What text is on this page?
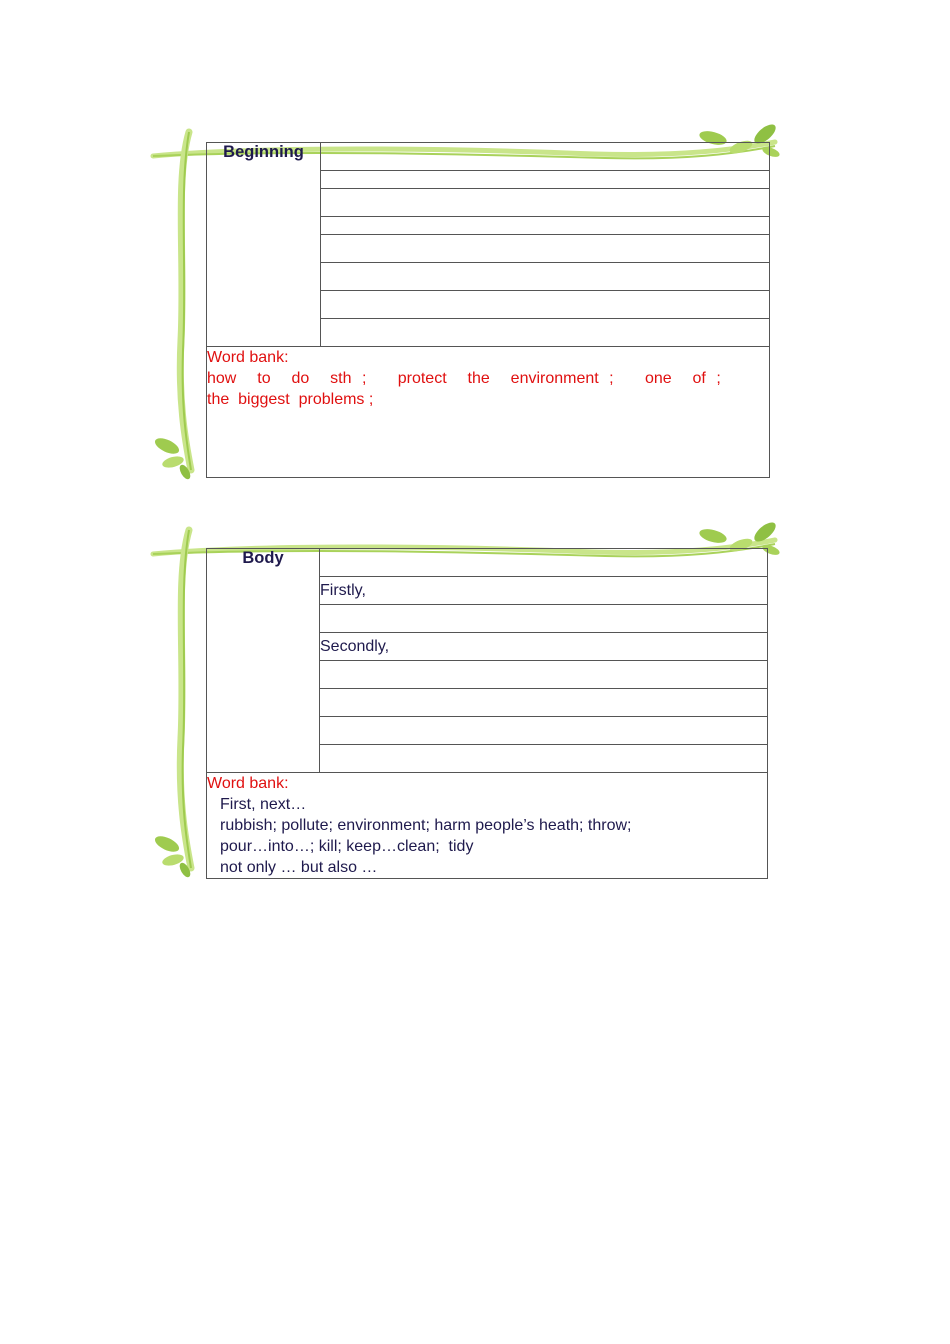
Beginning	

Word bank:
how  to  do  sth ;   protect  the  environment ;   one  of ;
the  biggest  problems ;
Body	
Firstly,

Secondly,

Word bank:
First, next…
rubbish; pollute; environment; harm people’s heath; throw;
pour…into…; kill; keep…clean;  tidy
not only … but also …
